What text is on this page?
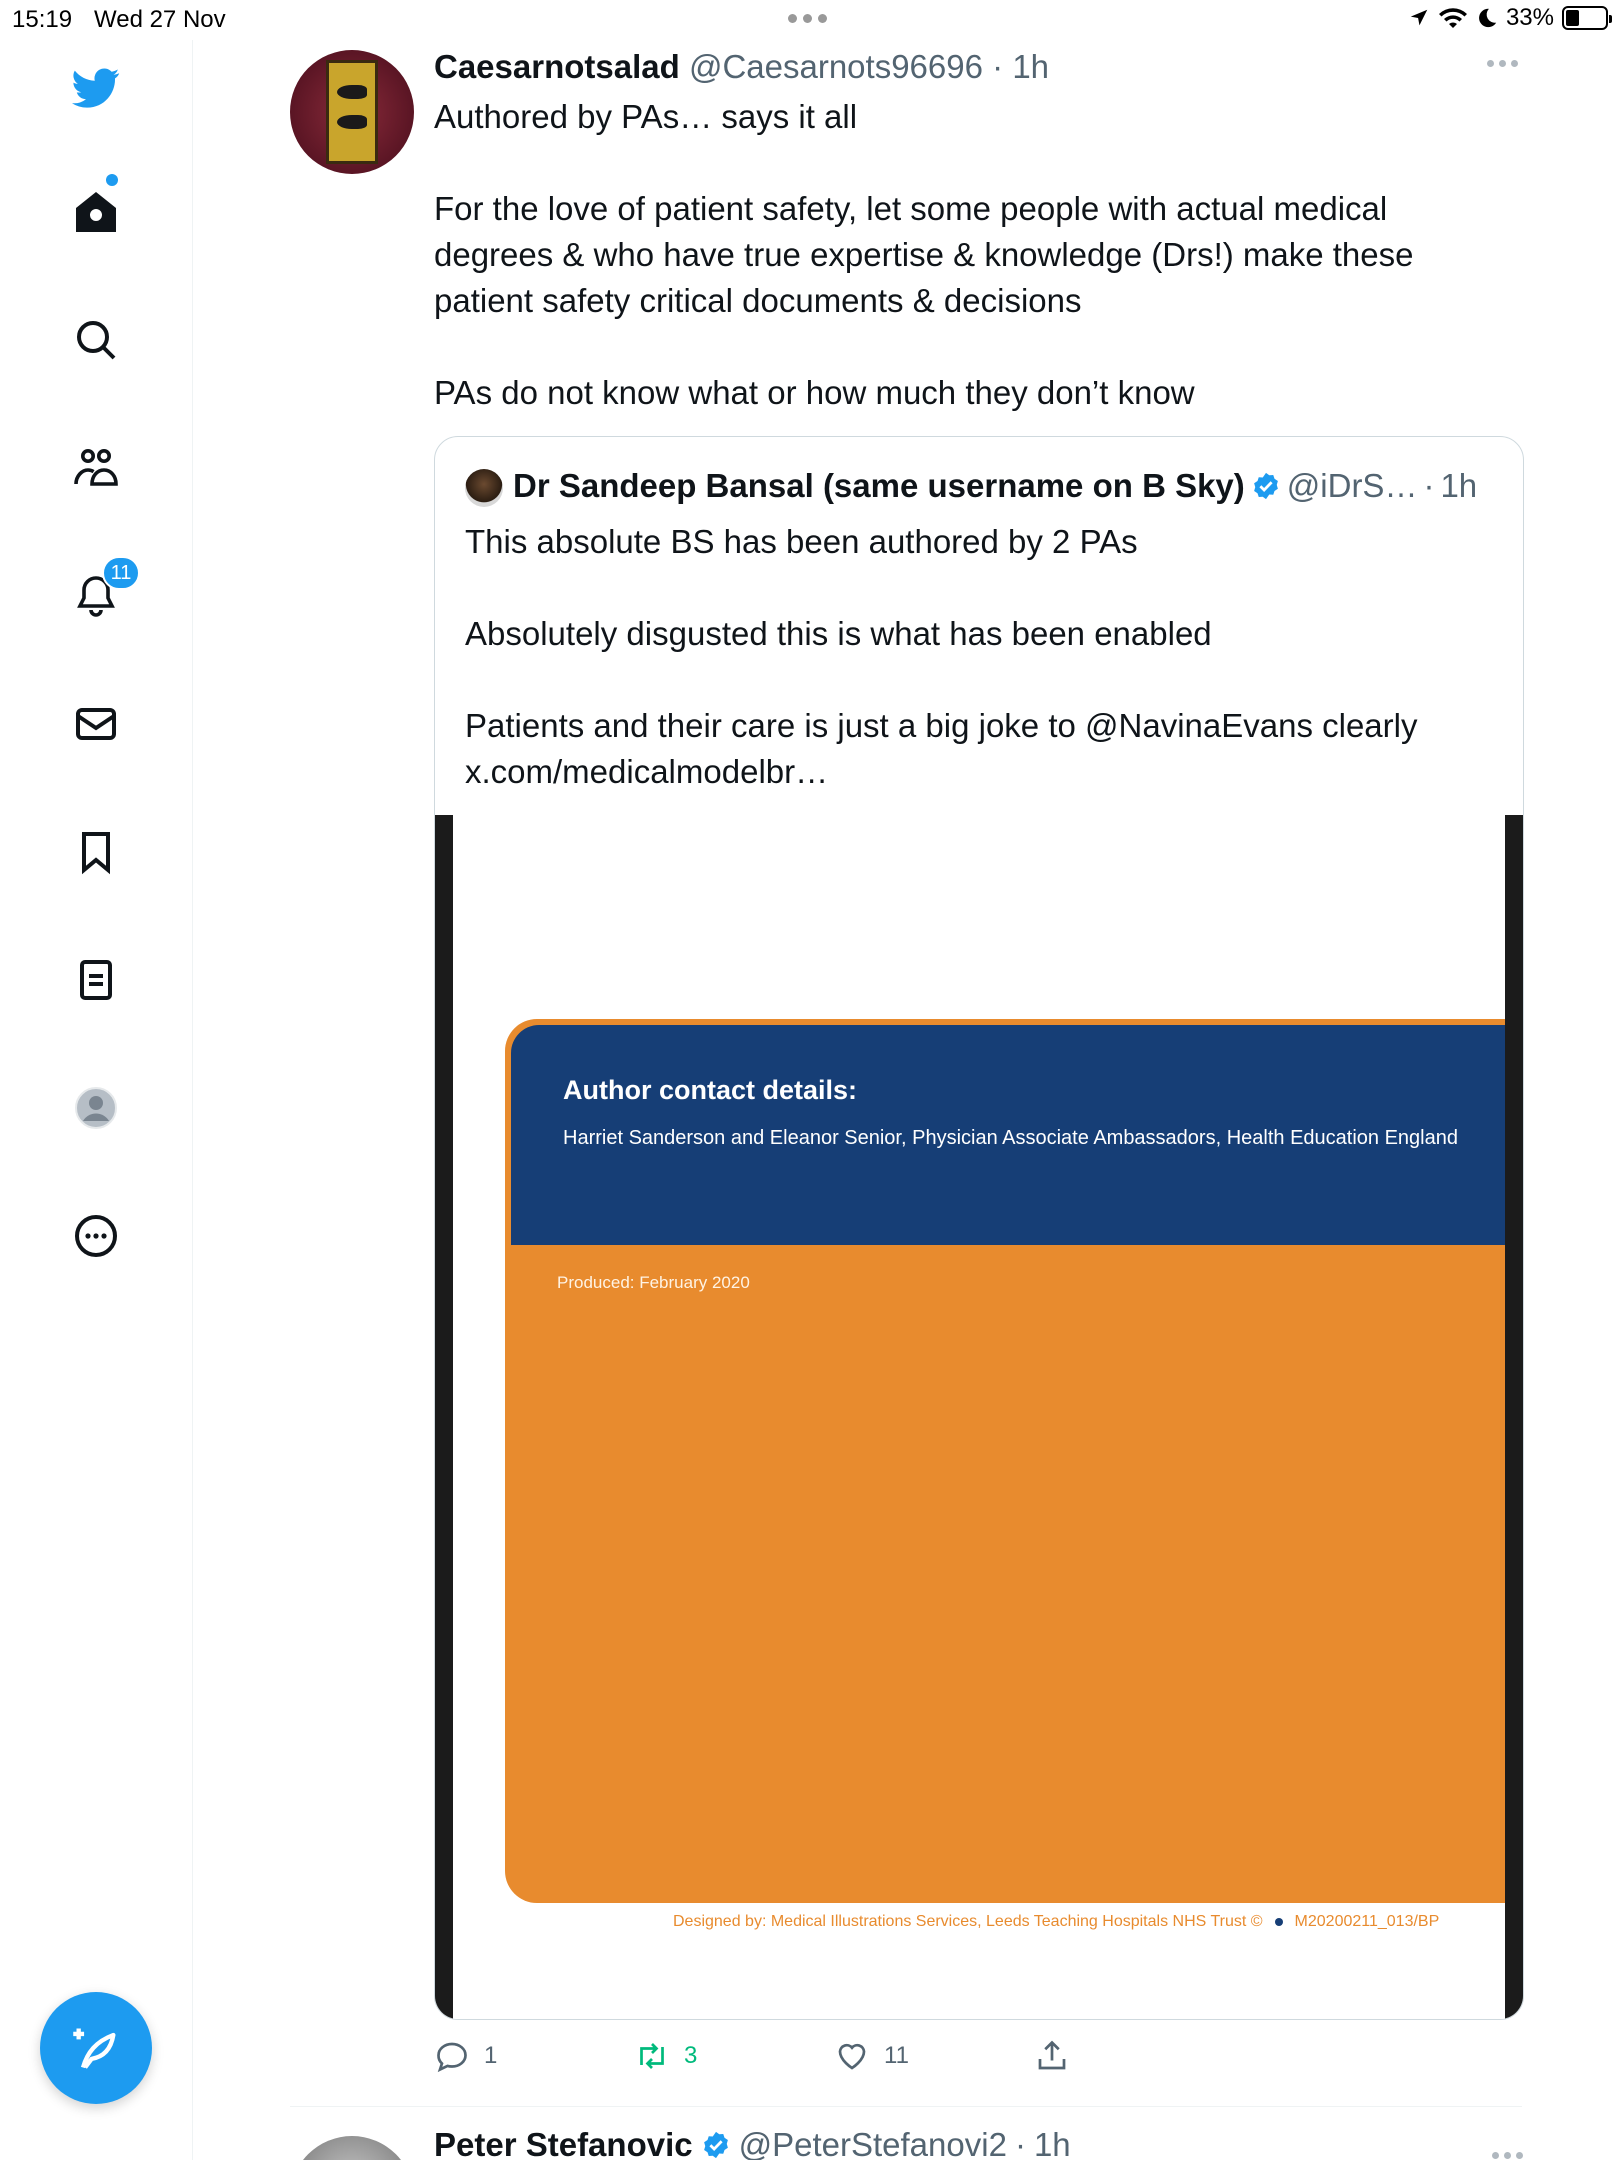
15:19 Wed 27 Nov	33%
11
Caesarnotsalad @Caesarnots96696 · 1h
Authored by PAs… says it all

For the love of patient safety, let some people with actual medical degrees & who have true expertise & knowledge (Drs!) make these patient safety critical documents & decisions

PAs do not know what or how much they don’t know
Dr Sandeep Bansal (same username on B Sky) @iDrS… · 1h
This absolute BS has been authored by 2 PAs

Absolutely disgusted this is what has been enabled

Patients and their care is just a big joke to @NavinaEvans clearly
x.com/medicalmodelbr…
Author contact details:
Harriet Sanderson and Eleanor Senior, Physician Associate Ambassadors, Health Education England
Produced: February 2020
Designed by: Medical Illustrations Services, Leeds Teaching Hospitals NHS Trust © M20200211_013/BP
1	3	11
Peter Stefanovic @PeterStefanovi2 · 1h
